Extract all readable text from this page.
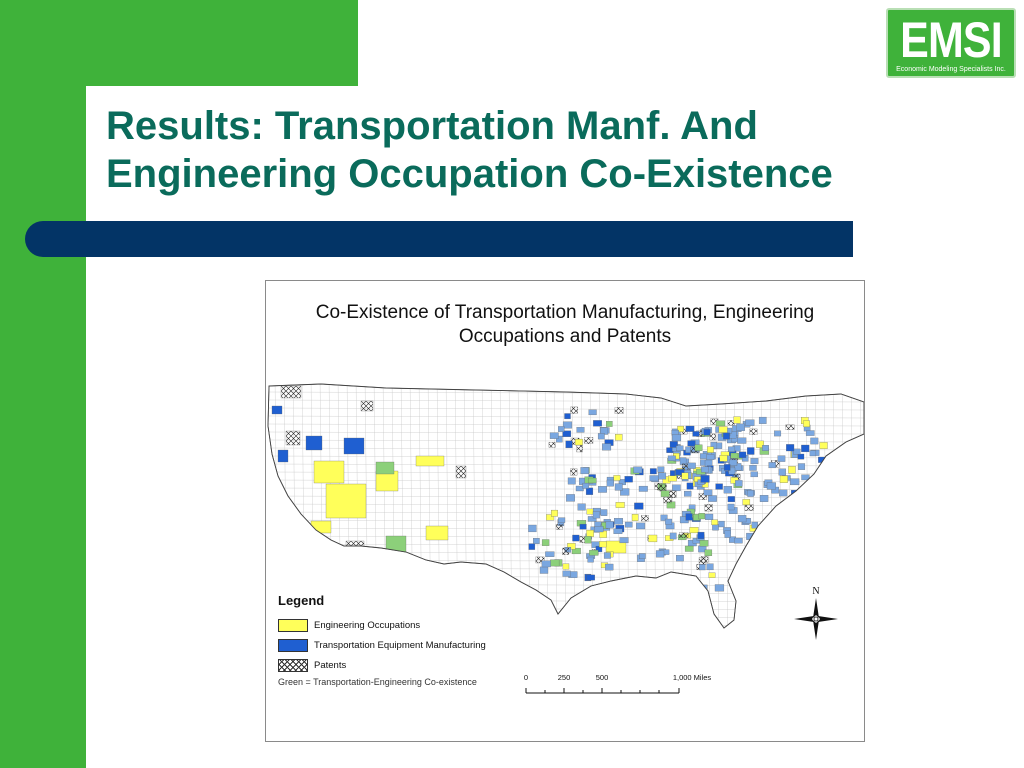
EMSI
Economic Modeling Specialists Inc.
Results: Transportation Manf. And
Engineering Occupation Co-Existence
Co-Existence of Transportation Manufacturing, Engineering
Occupations and Patents
Legend
Engineering Occupations
Transportation Equipment Manufacturing
Patents
Green = Transportation-Engineering Co-existence	0	250	500	1,000 Miles
N
